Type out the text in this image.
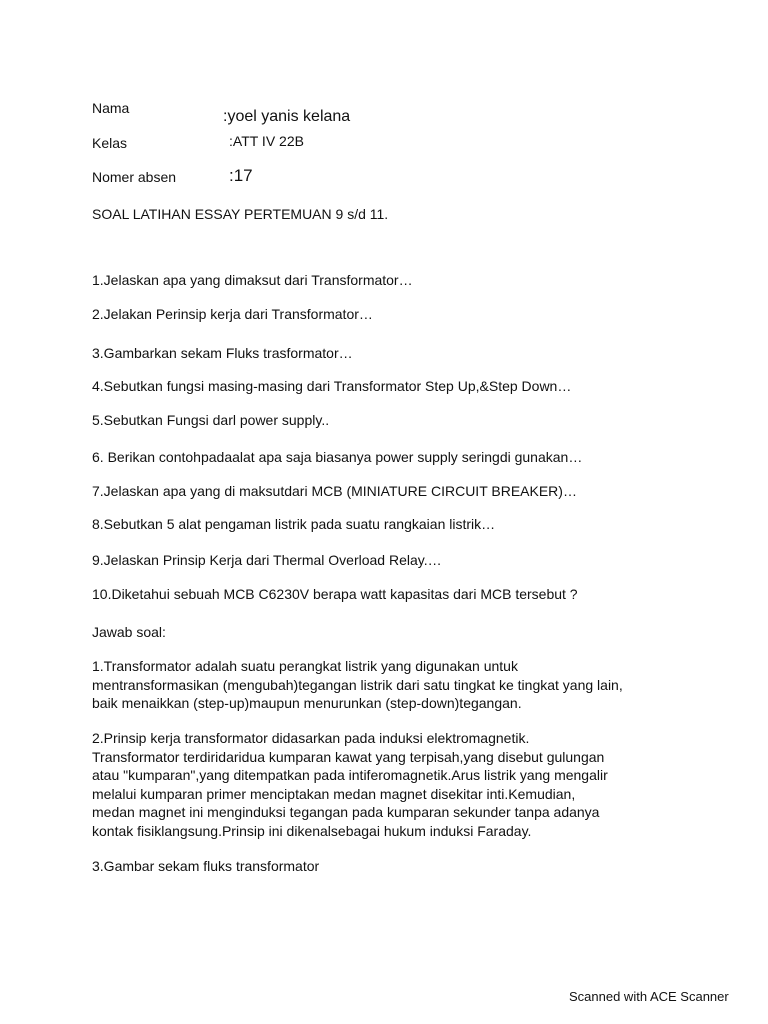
Nama	:yoel yanis kelana
Kelas	:ATT IV 22B
Nomer absen	:17
SOAL LATIHAN ESSAY PERTEMUAN 9 s/d 11.
1.Jelaskan apa yang dimaksut dari Transformator…
2.Jelakan Perinsip kerja dari Transformator…
3.Gambarkan sekam Fluks trasformator…
4.Sebutkan fungsi masing-masing dari Transformator Step Up,&Step Down…
5.Sebutkan Fungsi darl power supply..
6. Berikan contohpadaalat apa saja biasanya power supply seringdi gunakan…
7.Jelaskan apa yang di maksutdari MCB (MINIATURE CIRCUIT BREAKER)…
8.Sebutkan 5 alat pengaman listrik pada suatu rangkaian listrik…
9.Jelaskan Prinsip Kerja dari Thermal Overload Relay.…
10.Diketahui sebuah MCB C6230V berapa watt kapasitas dari MCB tersebut ?
Jawab soal:
1.Transformator adalah suatu perangkat listrik yang digunakan untuk
mentransformasikan (mengubah)tegangan listrik dari satu tingkat ke tingkat yang lain,
baik menaikkan (step-up)maupun menurunkan (step-down)tegangan.
2.Prinsip kerja transformator didasarkan pada induksi elektromagnetik.
Transformator terdiridaridua kumparan kawat yang terpisah,yang disebut gulungan
atau "kumparan",yang ditempatkan pada intiferomagnetik.Arus listrik yang mengalir
melalui kumparan primer menciptakan medan magnet disekitar inti.Kemudian,
medan magnet ini menginduksi tegangan pada kumparan sekunder tanpa adanya
kontak fisiklangsung.Prinsip ini dikenalsebagai hukum induksi Faraday.
3.Gambar sekam fluks transformator
Scanned with ACE Scanner
